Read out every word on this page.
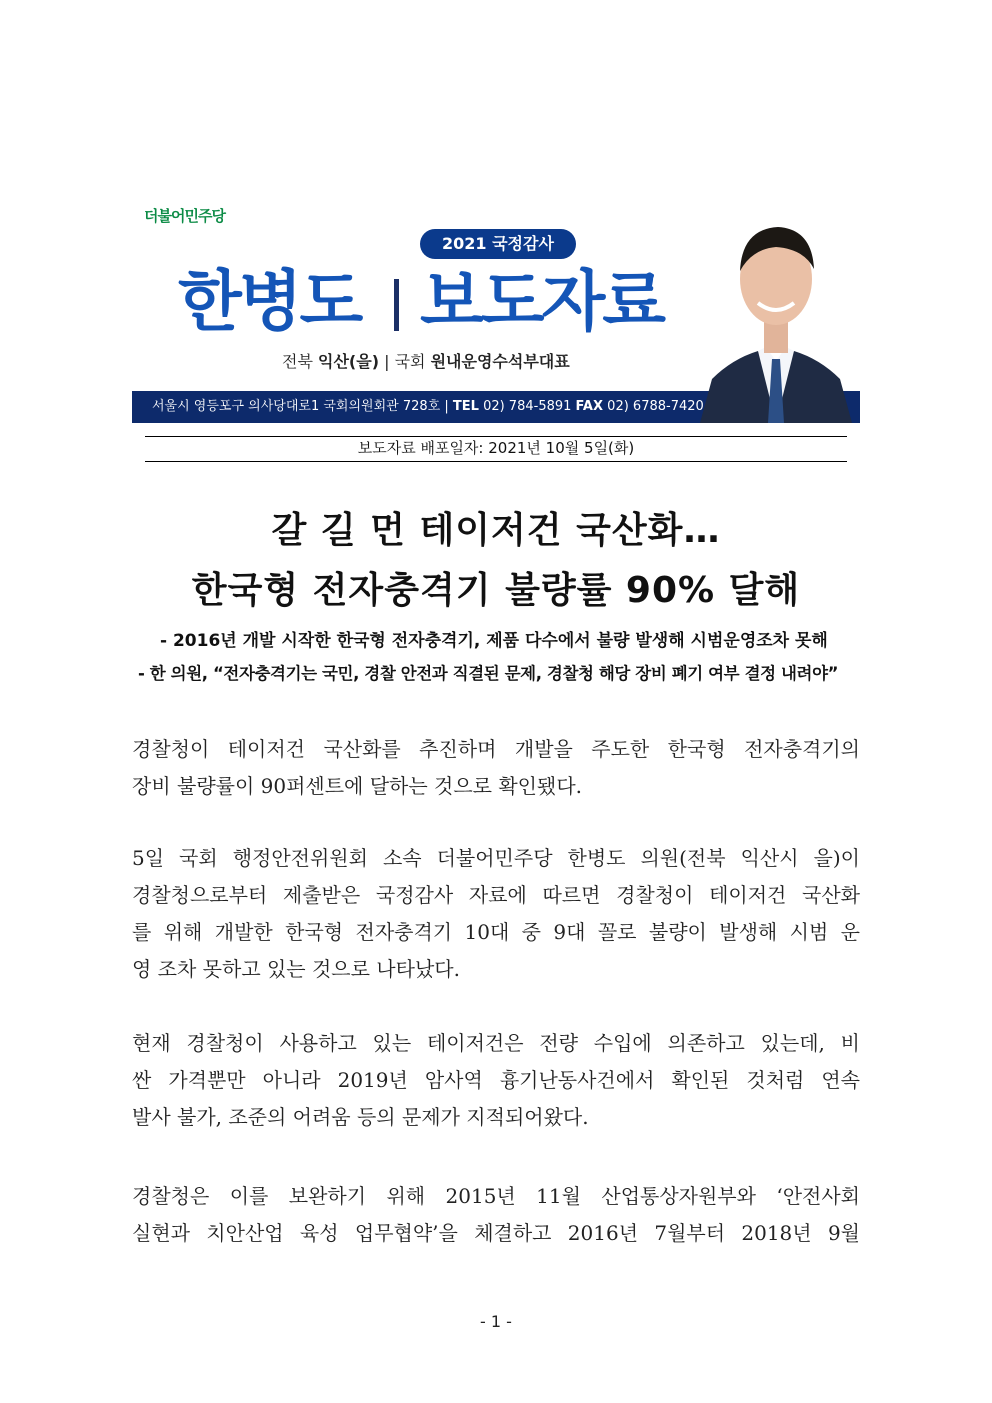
더불어민주당
2021 국정감사
한병도 보도자료
전북 익산(을) | 국회 원내운영수석부대표
서울시 영등포구 의사당대로1 국회의원회관 728호 | TEL 02) 784-5891 FAX 02) 6788-7420
보도자료 배포일자: 2021년 10월 5일(화)
갈 길 먼 테이저건 국산화…
한국형 전자충격기 불량률 90% 달해
- 2016년 개발 시작한 한국형 전자충격기, 제품 다수에서 불량 발생해 시범운영조차 못해
- 한 의원, “전자충격기는 국민, 경찰 안전과 직결된 문제, 경찰청 해당 장비 폐기 여부 결정 내려야”
경찰청이 테이저건 국산화를 추진하며 개발을 주도한 한국형 전자충격기의
장비 불량률이 90퍼센트에 달하는 것으로 확인됐다.
5일 국회 행정안전위원회 소속 더불어민주당 한병도 의원(전북 익산시 을)이
경찰청으로부터 제출받은 국정감사 자료에 따르면 경찰청이 테이저건 국산화
를 위해 개발한 한국형 전자충격기 10대 중 9대 꼴로 불량이 발생해 시범 운
영 조차 못하고 있는 것으로 나타났다.
현재 경찰청이 사용하고 있는 테이저건은 전량 수입에 의존하고 있는데, 비
싼 가격뿐만 아니라 2019년 암사역 흉기난동사건에서 확인된 것처럼 연속
발사 불가, 조준의 어려움 등의 문제가 지적되어왔다.
경찰청은 이를 보완하기 위해 2015년 11월 산업통상자원부와 ‘안전사회
실현과 치안산업 육성 업무협약’을 체결하고 2016년 7월부터 2018년 9월
- 1 -
